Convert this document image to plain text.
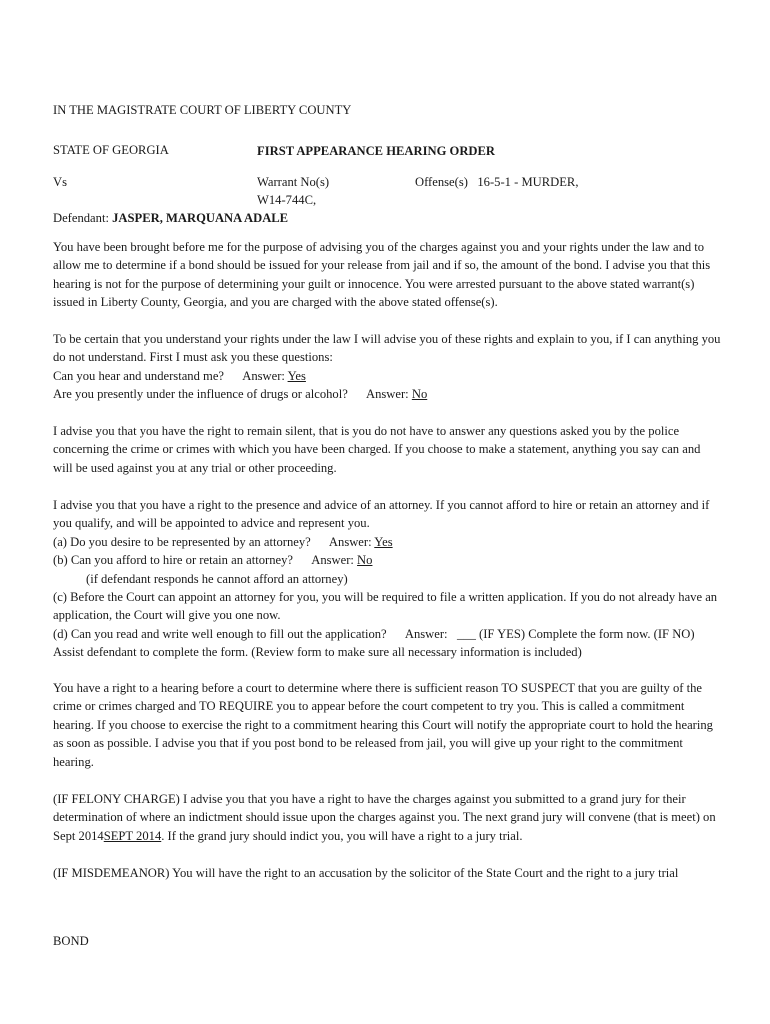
IN THE MAGISTRATE COURT OF LIBERTY COUNTY
STATE OF GEORGIA	FIRST APPEARANCE HEARING ORDER
Vs	Warrant No(s)
W14-744C,
Offense(s) 16-5-1 - MURDER,
Defendant: JASPER, MARQUANA ADALE

You have been brought before me for the purpose of advising you of the charges against you and your rights under the law and to allow me to determine if a bond should be issued for your release from jail and if so, the amount of the bond. I advise you that this hearing is not for the purpose of determining your guilt or innocence. You were arrested pursuant to the above stated warrant(s) issued in Liberty County, Georgia, and you are charged with the above stated offense(s).

To be certain that you understand your rights under the law I will advise you of these rights and explain to you, if I can anything you do not understand. First I must ask you these questions:

Can you hear and understand me? Answer: Yes

Are you presently under the influence of drugs or alcohol? Answer: No

I advise you that you have the right to remain silent, that is you do not have to answer any questions asked you by the police concerning the crime or crimes with which you have been charged. If you choose to make a statement, anything you say can and will be used against you at any trial or other proceeding.

I advise you that you have a right to the presence and advice of an attorney. If you cannot afford to hire or retain an attorney and if you qualify, and will be appointed to advice and represent you.

(a) Do you desire to be represented by an attorney? Answer: Yes

(b) Can you afford to hire or retain an attorney? Answer: No

(if defendant responds he cannot afford an attorney)

(c) Before the Court can appoint an attorney for you, you will be required to file a written application. If you do not already have an application, the Court will give you one now.

(d) Can you read and write well enough to fill out the application? Answer: ___ (IF YES) Complete the form now. (IF NO) Assist defendant to complete the form. (Review form to make sure all necessary information is included)

You have a right to a hearing before a court to determine where there is sufficient reason TO SUSPECT that you are guilty of the crime or crimes charged and TO REQUIRE you to appear before the court competent to try you. This is called a commitment hearing. If you choose to exercise the right to a commitment hearing this Court will notify the appropriate court to hold the hearing as soon as possible. I advise you that if you post bond to be released from jail, you will give up your right to the commitment hearing.

(IF FELONY CHARGE) I advise you that you have a right to have the charges against you submitted to a grand jury for their determination of where an indictment should issue upon the charges against you. The next grand jury will convene (that is meet) on Sept 2014SEPT 2014. If the grand jury should indict you, you will have a right to a jury trial.

(IF MISDEMEANOR) You will have the right to an accusation by the solicitor of the State Court and the right to a jury trial

BOND
